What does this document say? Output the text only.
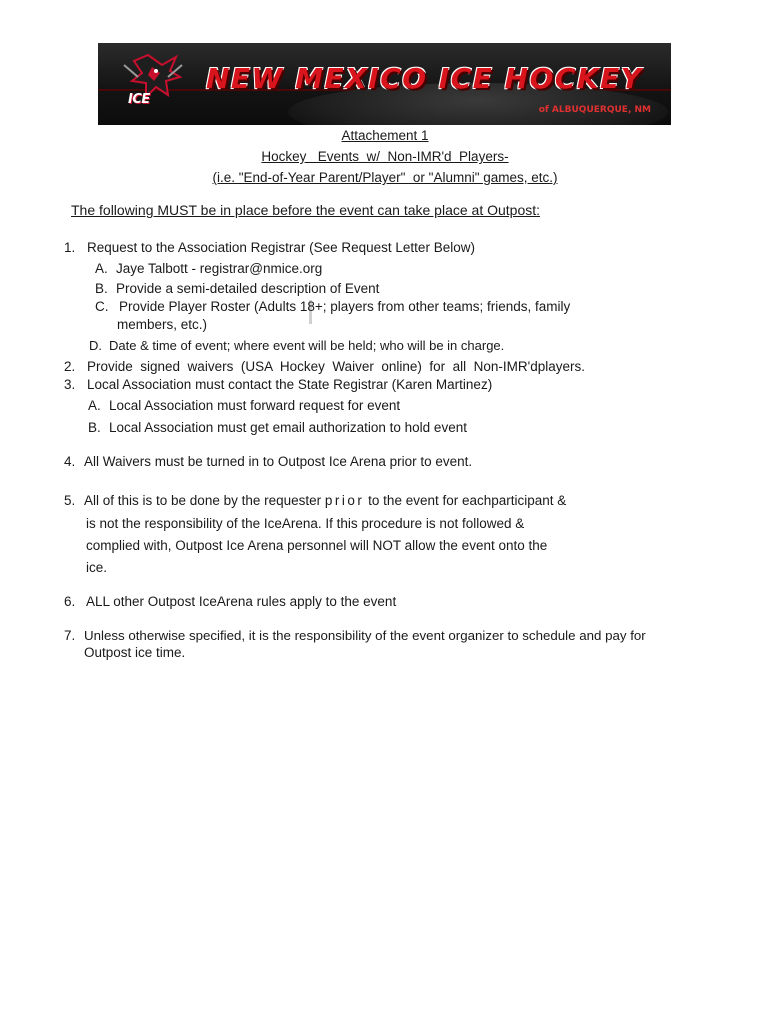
ICE
NEW MEXICO ICE HOCKEY
of ALBUQUERQUE, NM
Attachement 1
Hockey   Events  w/  Non-IMR'd  Players-
(i.e. "End-of-Year Parent/Player"  or "Alumni" games, etc.)
The following MUST be in place before the event can take place at Outpost:
1. Request to the Association Registrar (See Request Letter Below)
A. Jaye Talbott - registrar@nmice.org
B. Provide a semi-detailed description of Event
C. Provide Player Roster (Adults 18+; players from other teams; friends, family
members, etc.)
D. Date & time of event; where event will be held; who will be in charge.
2. Provide  signed  waivers  (USA  Hockey  Waiver  online)  for  all  Non-IMR'dplayers.
3. Local Association must contact the State Registrar (Karen Martinez)
A. Local Association must forward request for event
B. Local Association must get email authorization to hold event
4. All Waivers must be turned in to Outpost Ice Arena prior to event.
5. All of this is to be done by the requester prior to the event for eachparticipant &
is not the responsibility of the IceArena. If this procedure is not followed &
complied with, Outpost Ice Arena personnel will NOT allow the event onto the
ice.
6. ALL other Outpost IceArena rules apply to the event
7. Unless otherwise specified, it is the responsibility of the event organizer to schedule and pay for
Outpost ice time.
